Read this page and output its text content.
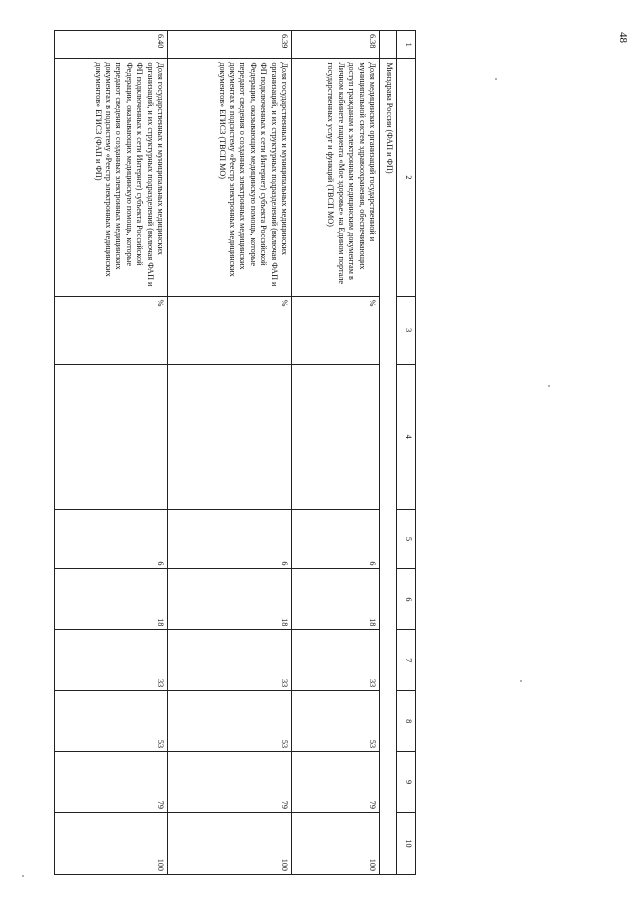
48
1	2	3	4	5	6	7	8	9	10
	Минздрава России (ФАП и ФП)								
6.38	Доля медицинских организаций государственной и муниципальной систем здравоохранения, обеспечивающих доступ гражданам к электронным медицинским документам в Личном кабинете пациента «Мое здоровье» на Едином портале государственных услуг и функций (ТВСП МО)	%		6	18	33	53	79	100
6.39	Доля государственных и муниципальных медицинских организаций, и их структурных подразделений (включая ФАП и ФП подключенных к сети Интернет) субъекта Российской Федерации, оказывающих медицинскую помощь, которые передают сведения о созданных электронных медицинских документах в подсистему «Реестр электронных медицинских документов» ЕГИСЗ (ТВСП МО)	%		6	18	33	53	79	100
6.40	Доля государственных и муниципальных медицинских организаций, и их структурных подразделений (включая ФАП и ФП подключенных к сети Интернет) субъекта Российской Федерации, оказывающих медицинскую помощь, которые передают сведения о созданных электронных медицинских документах в подсистему «Реестр электронных медицинских документов» ЕГИСЗ (ФАП и ФП)	%		6	18	33	53	79	100
